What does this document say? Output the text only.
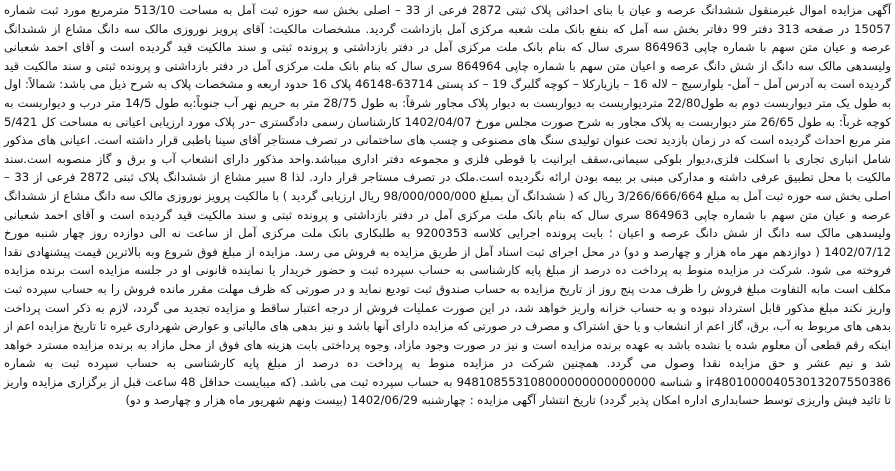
آگهی مزایده اموال غیرمنقول ششدانگ عرصه و عیان با بنای احداثی پلاک ثبتی 2872 فرعی از 33 – اصلی بخش سه حوزه ثبت آمل به مساحت 513/10 مترمربع مورد ثبت شماره 15057 در صفحه 313 دفتر 99 دفاتر بخش سه آمل که بنفع بانک ملت شعبه مرکزی آمل بازداشت گردید. مشخصات مالکیت: آقای پرویز نوروزی مالک سه دانگ مشاع از ششدانگ عرصه و عیان متن سهم با شماره چاپی 864963 سری سال که بنام بانک ملت مرکزی آمل در دفتر بازداشتی و پرونده ثبتی و سند مالکیت قید گردیده است و آقای احمد شعبانی ولیسدهی مالک سه دانگ از شش دانگ عرصه و اعیان متن سهم با شماره چاپی 864964 سری سال که بنام بانک ملت مرکزی آمل در دفتر بازداشتی و پرونده ثبتی و سند مالکیت قید گردیده است به آدرس آمل – آمل- بلوارسیج – لاله 16 – بازیارکلا – کوچه گلبرگ 19 – کد پستی 63714-46148 پلاک 16 حدود اربعه و مشخصات پلاک به شرح ذیل می باشد: شمالاً: اول به طول یک متر دیواربست دوم به طول22/80 متردیواربست به دیواربست به دیوار پلاک مجاور شرقاً: به طول 28/75 متر به حریم نهر آب جنوباً:به طول 14/5 متر درب و دیواربست به کوچه غرباً: به طول 26/65 متر دیواربست به پلاک مجاور به شرح صورت مجلس مورخ 1402/04/07 کارشناسان رسمی دادگستری –در پلاک مورد ارزیابی اعیانی به مساحت کل 5/421 متر مربع احداث گردیده است که در زمان بازدید تحت عنوان تولیدی سنگ های مصنوعی و چسب های ساختمانی در تصرف مستاجر آقای سینا باطبی قرار داشته است. اعیانی های مذکور شامل انباری تجاری با اسکلت فلزی،دیوار بلوکی سیمانی،سقف ایرانیت با قوطی فلزی و مجموعه دفتر اداری میباشد.واحد مذکور دارای انشعاب آب و برق و گاز منصوبه است.سند مالکیت با محل تطبیق عرفی داشته و مدارکی مبنی بر بیمه بودن ارائه نگردیده است.ملک در تصرف مستاجر قرار دارد. لذا 8 سیر مشاع از ششدانگ پلاک ثبتی 2872 فرعی از 33 – اصلی بخش سه حوزه ثبت آمل به مبلغ 3/266/666/664 ریال که ( ششدانگ آن بمبلغ 98/000/000/000 ریال ارزیابی گردید ) با مالکیت پرویز نوروزی مالک سه دانگ مشاع از ششدانگ عرصه و عیان متن سهم با شماره چاپی 864963 سری سال که بنام بانک ملت مرکزی آمل در دفتر بازداشتی و پرونده ثبتی و سند مالکیت قید گردیده است و آقای احمد شعبانی ولیسدهی مالک سه دانگ از شش دانگ عرصه و اعیان ؛ بابت پرونده اجرایی کلاسه 9200353 به طلبکاری بانک ملت مرکزی آمل از ساعت نه الی دوازده روز چهار شنبه مورخ 1402/07/12 ( دوازدهم مهر ماه هزار و چهارصد و دو) در محل اجرای ثبت اسناد آمل از طریق مزایده به فروش می رسد. مزایده از مبلغ فوق شروع وبه بالاترین قیمت پیشنهادی نقدا فروخته می شود. شرکت در مزایده منوط به پرداخت ده درصد از مبلغ پایه کارشناسی به حساب سپرده ثبت و حضور خریدار یا نماینده قانونی او در جلسه مزایده است برنده مزایده مکلف است مابه التفاوت مبلغ فروش را ظرف مدت پنج روز از تاریخ مزایده به حساب صندوق ثبت تودیع نماید و در صورتی که ظرف مهلت مقرر مانده فروش را به حساب سپرده ثبت واریز نکند مبلغ مذکور قابل استرداد نبوده و به حساب خزانه واریز خواهد شد، در این صورت عملیات فروش از درجه اعتبار ساقط و مزایده تجدید می گردد، لازم به ذکر است پرداخت بدهی های مربوط به آب، برق، گاز اعم از انشعاب و یا حق اشتراک و مصرف در صورتی که مزایده دارای آنها باشد و نیز بدهی های مالیاتی و عوارض شهرداری غیره تا تاریخ مزایده اعم از اینکه رقم قطعی آن معلوم شده یا نشده باشد به عهده برنده مزایده است و نیز در صورت وجود مازاد، وجوه پرداختی بابت هزینه های فوق از محل مازاد به برنده مزایده مسترد خواهد شد و نیم عشر و حق مزایده نقدا وصول می گردد. همچنین شرکت در مزایده منوط به پرداخت ده درصد از مبلغ پایه کارشناسی به حساب سپرده ثبت به شماره ir480100004053013207550386 و شناسه 948108553108000000000000000 به حساب سپرده ثبت می باشد. (که میبایست حداقل 48 ساعت قبل از برگزاری مزایده واریز تا تائید فیش واریزی توسط حسابداری اداره امکان پذیر گردد) تاریخ انتشار آگهی مزایده : چهارشنبه 1402/06/29 (بیست ونهم شهریور ماه هزار و چهارصد و دو)
